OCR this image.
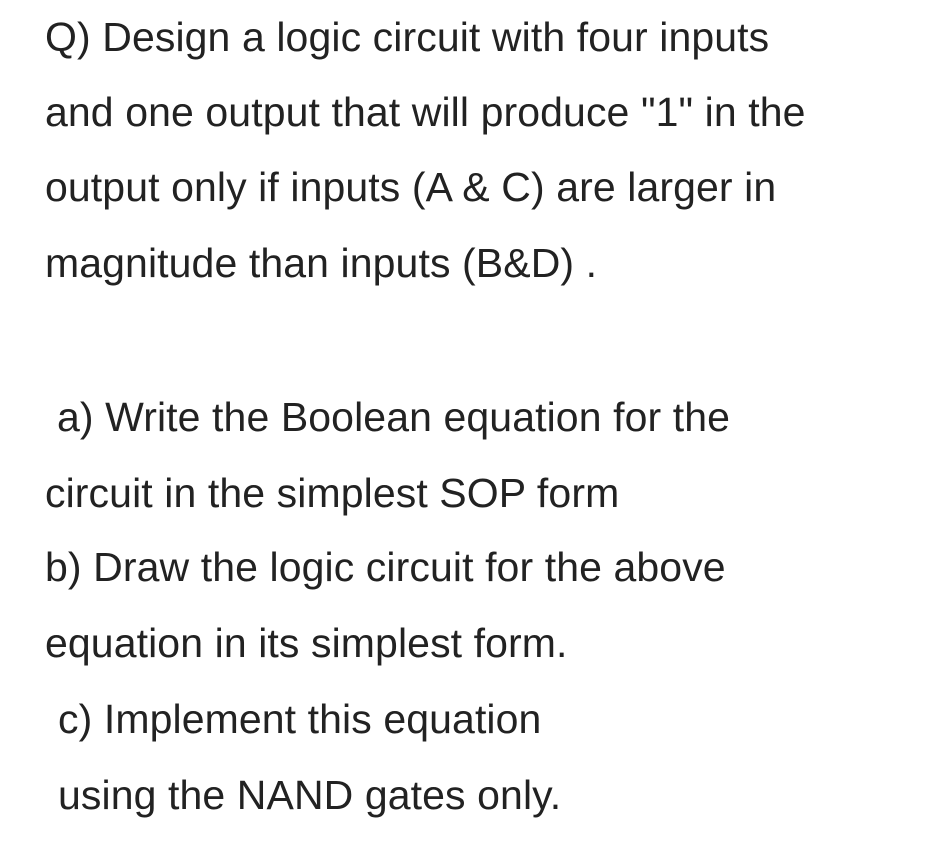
Q) Design a logic circuit with four inputs
and one output that will produce "1" in the
output only if inputs (A & C) are larger in
magnitude than inputs (B&D) .
a) Write the Boolean equation for the
circuit in the simplest SOP form
b) Draw the logic circuit for the above
equation in its simplest form.
c) Implement this equation
using the NAND gates only.
